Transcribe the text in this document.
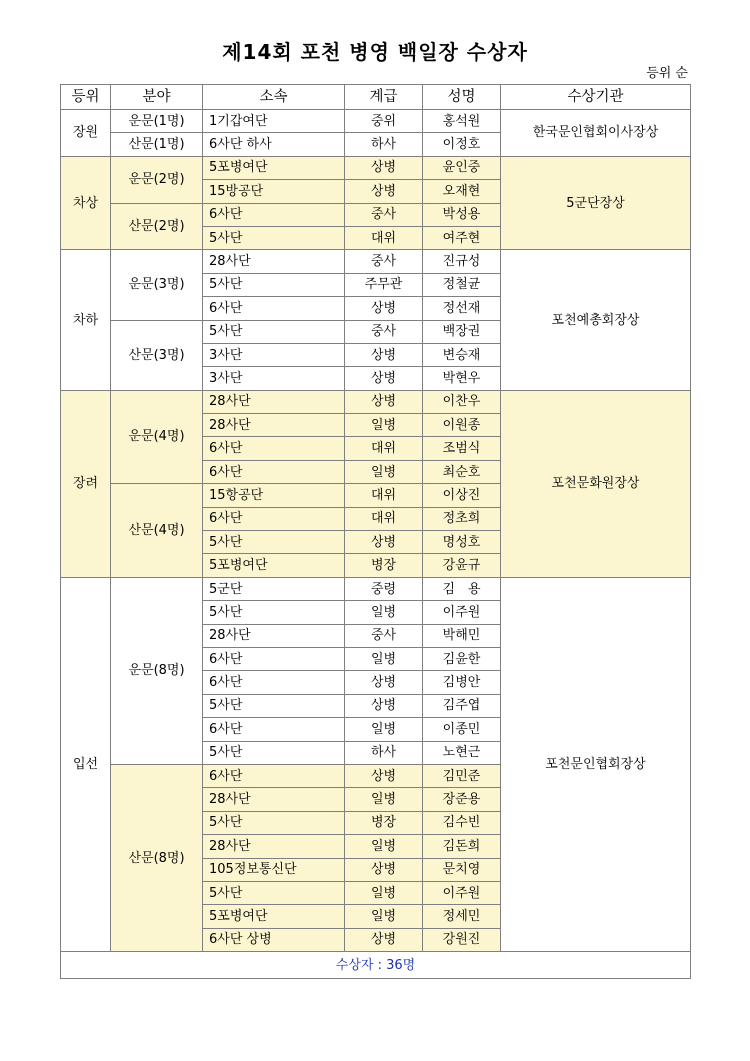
제14회 포천 병영 백일장 수상자
등위 순
등위	분야	소속	계급	성명	수상기관
장원	운문(1명)	1기갑여단	중위	홍석원	한국문인협회이사장상
	산문(1명)	6사단 하사	하사	이정호	
차상	운문(2명)	5포병여단	상병	윤인중	5군단장상
		15방공단	상병	오재현	
	산문(2명)	6사단	중사	박성용	
		5사단	대위	여주현	
차하	운문(3명)	28사단	중사	진규성	포천예총회장상
		5사단	주무관	정철균	
		6사단	상병	정선재	
	산문(3명)	5사단	중사	백장권	
		3사단	상병	변승재	
		3사단	상병	박현우	
장려	운문(4명)	28사단	상병	이찬우	포천문화원장상
		28사단	일병	이원종	
		6사단	대위	조범식	
		6사단	일병	최순호	
	산문(4명)	15항공단	대위	이상진	
		6사단	대위	정초희	
		5사단	상병	명성호	
		5포병여단	병장	강윤규	
입선	운문(8명)	5군단	중령	김　용	포천문인협회장상
		5사단	일병	이주원	
		28사단	중사	박해민	
		6사단	일병	김윤한	
		6사단	상병	김병안	
		5사단	상병	김주엽	
		6사단	일병	이종민	
		5사단	하사	노현근	
	산문(8명)	6사단	상병	김민준	
		28사단	일병	장준용	
		5사단	병장	김수빈	
		28사단	일병	김돈희	
		105정보통신단	상병	문치영	
		5사단	일병	이주원	
		5포병여단	일병	정세민	
		6사단 상병	상병	강원진	
수상자 : 36명					
